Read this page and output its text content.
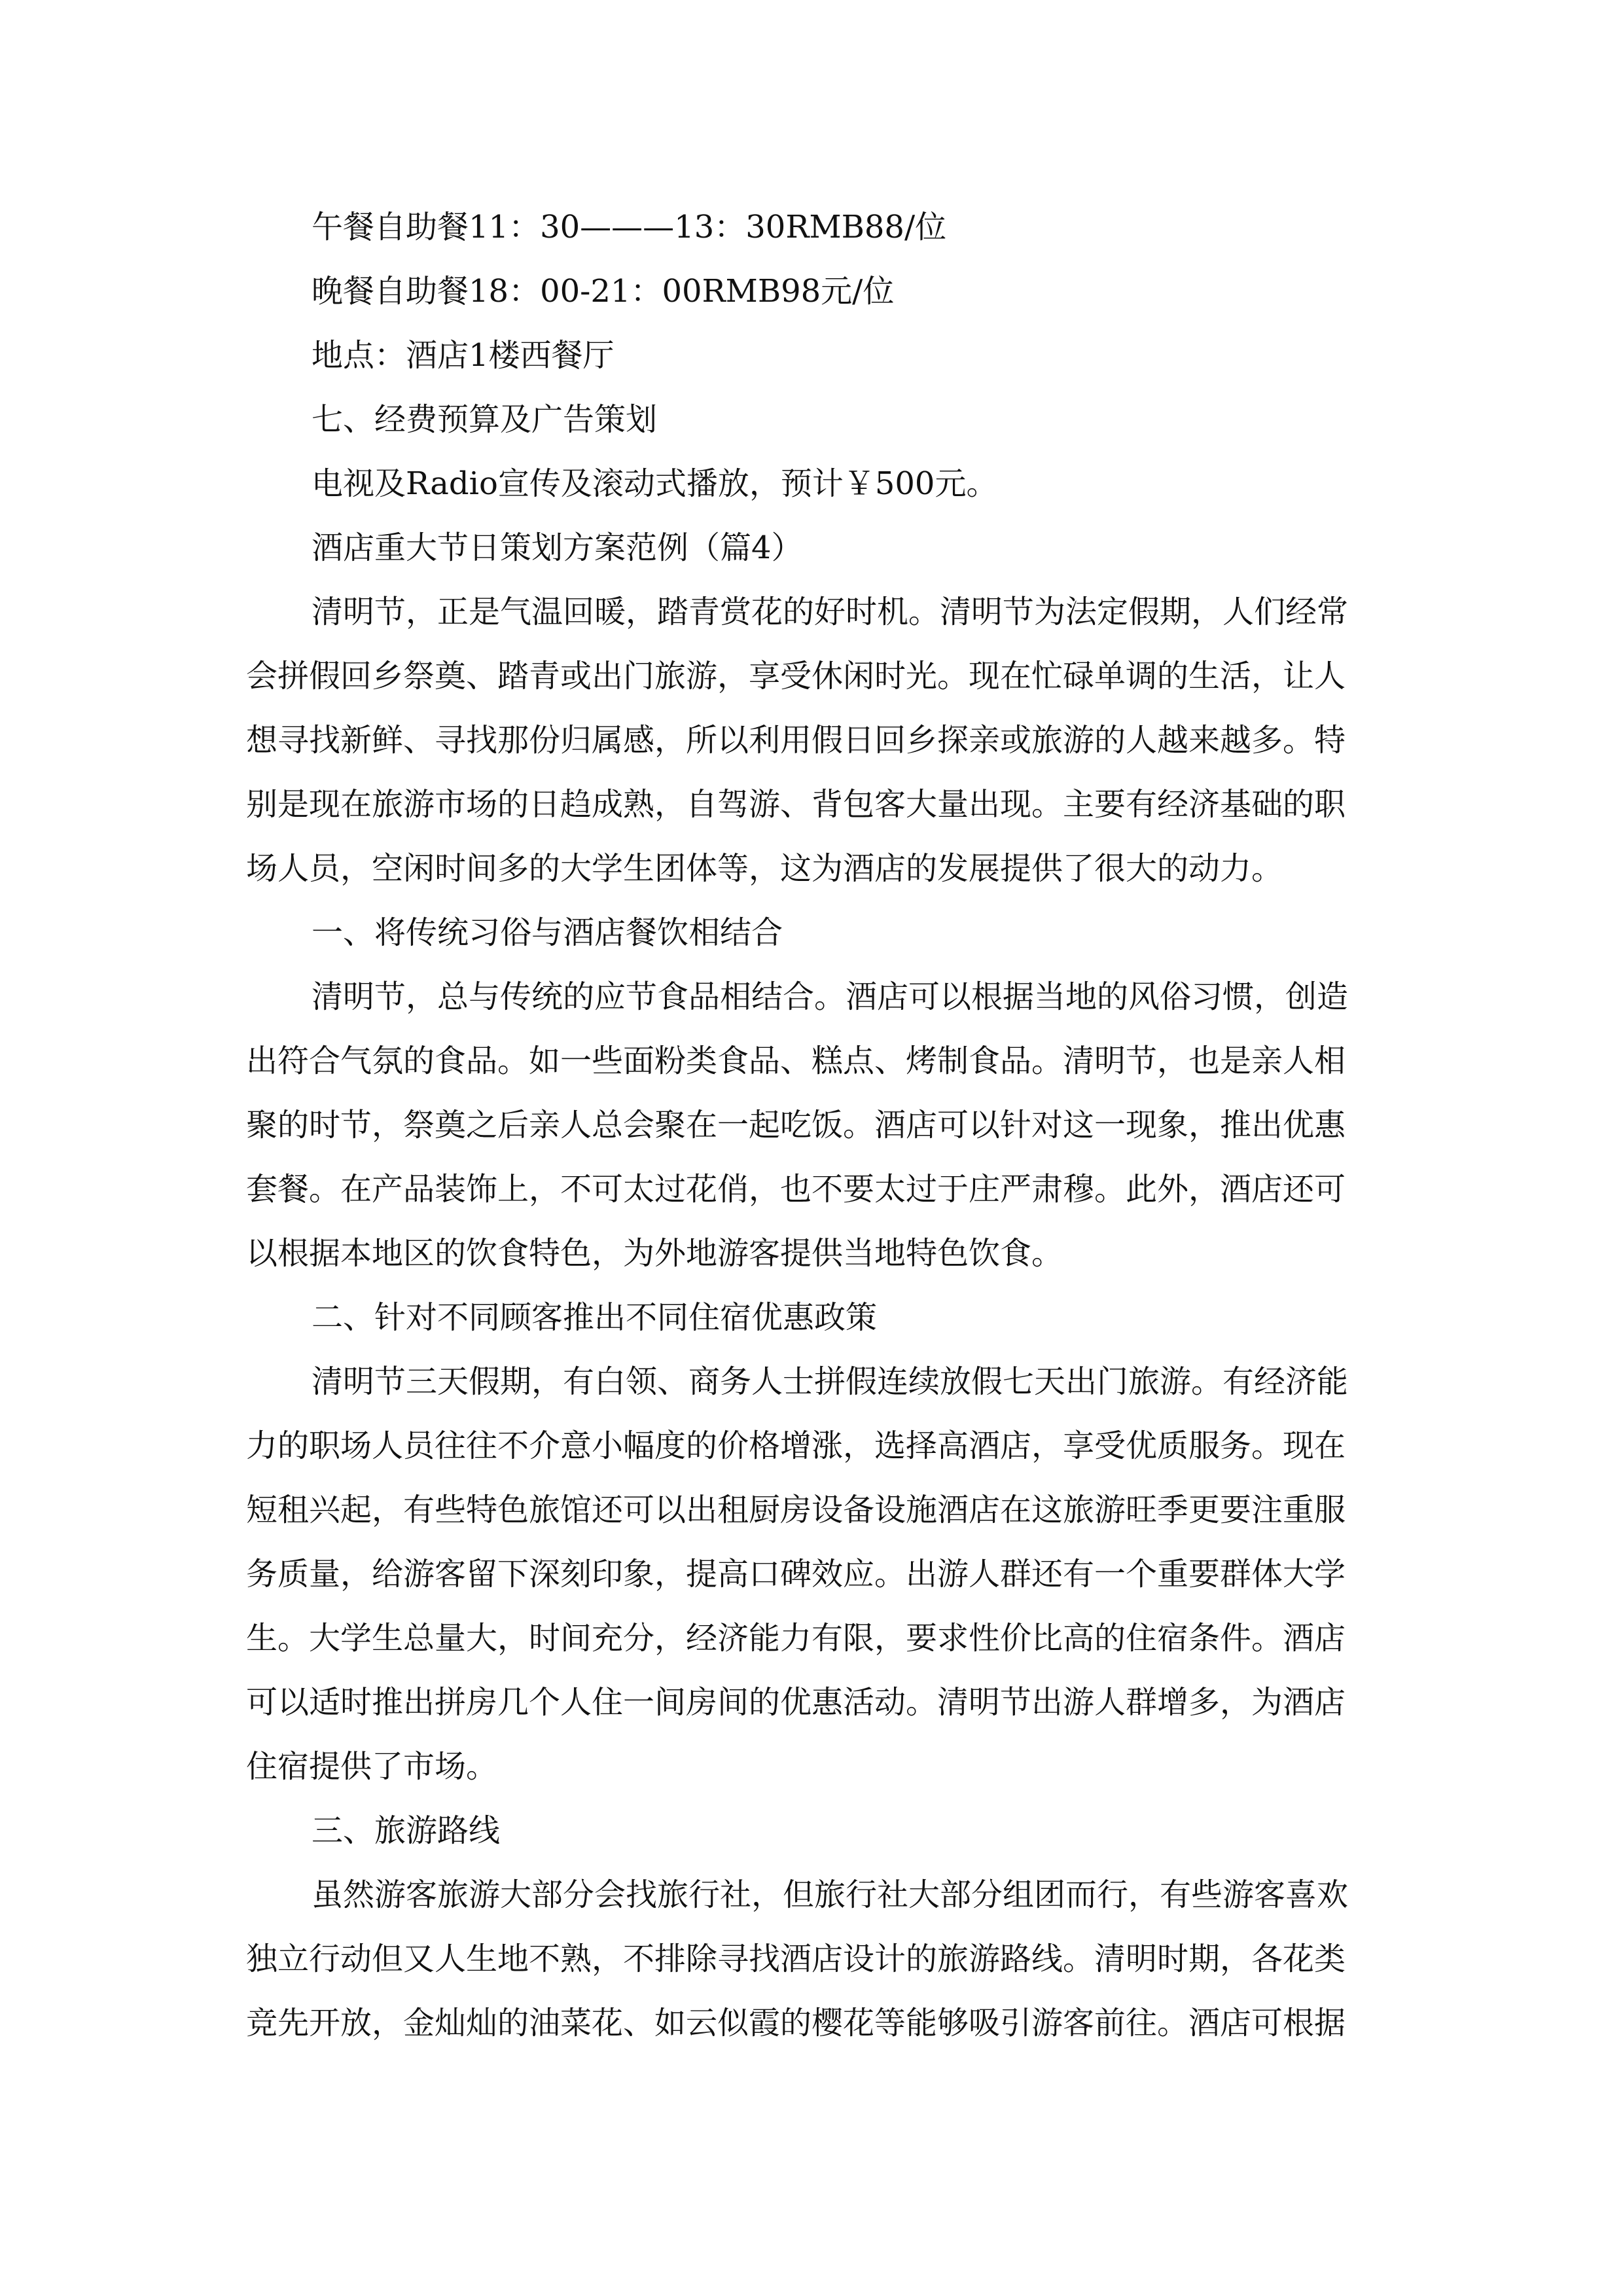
午餐自助餐11：30———13：30RMB88/位

晚餐自助餐18：00-21：00RMB98元/位

地点：酒店1楼西餐厅

七、经费预算及广告策划

电视及Radio宣传及滚动式播放，预计￥500元。

酒店重大节日策划方案范例（篇4）

清明节，正是气温回暖，踏青赏花的好时机。清明节为法定假期，人们经常

会拼假回乡祭奠、踏青或出门旅游，享受休闲时光。现在忙碌单调的生活，让人

想寻找新鲜、寻找那份归属感，所以利用假日回乡探亲或旅游的人越来越多。特

别是现在旅游市场的日趋成熟，自驾游、背包客大量出现。主要有经济基础的职

场人员，空闲时间多的大学生团体等，这为酒店的发展提供了很大的动力。

一、将传统习俗与酒店餐饮相结合

清明节，总与传统的应节食品相结合。酒店可以根据当地的风俗习惯，创造

出符合气氛的食品。如一些面粉类食品、糕点、烤制食品。清明节，也是亲人相

聚的时节，祭奠之后亲人总会聚在一起吃饭。酒店可以针对这一现象，推出优惠

套餐。在产品装饰上，不可太过花俏，也不要太过于庄严肃穆。此外，酒店还可

以根据本地区的饮食特色，为外地游客提供当地特色饮食。

二、针对不同顾客推出不同住宿优惠政策

清明节三天假期，有白领、商务人士拼假连续放假七天出门旅游。有经济能

力的职场人员往往不介意小幅度的价格增涨，选择高酒店，享受优质服务。现在

短租兴起，有些特色旅馆还可以出租厨房设备设施酒店在这旅游旺季更要注重服

务质量，给游客留下深刻印象，提高口碑效应。出游人群还有一个重要群体大学

生。大学生总量大，时间充分，经济能力有限，要求性价比高的住宿条件。酒店

可以适时推出拼房几个人住一间房间的优惠活动。清明节出游人群增多，为酒店

住宿提供了市场。

三、旅游路线

虽然游客旅游大部分会找旅行社，但旅行社大部分组团而行，有些游客喜欢

独立行动但又人生地不熟，不排除寻找酒店设计的旅游路线。清明时期，各花类

竞先开放，金灿灿的油菜花、如云似霞的樱花等能够吸引游客前往。酒店可根据
